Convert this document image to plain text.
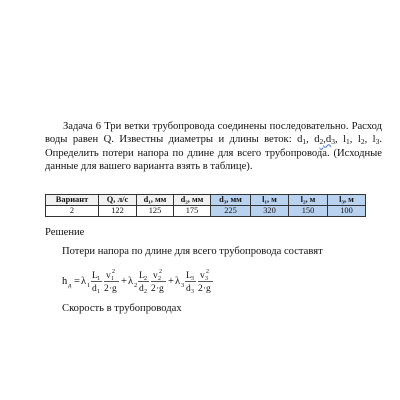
Задача 6 Три ветки трубопровода соединены последовательно. Расход воды равен Q. Известны диаметры и длины веток: $d_1$, $d_2,d_3$, $l_1$, $l_2$, $l_3$. Определить потери напора по длине для всего трубопровода. (Исходные данные для вашего варианта взять в таблице).

Вариант	Q, л/с	d₁, мм	d₂, мм	d₃, мм	l₁, м	l₂, м	l₃, м
2	122	125	175	225	320	150	100

Решение

Потери напора по длине для всего трубопровода составят

h д = λ 1
L 1
d 1
v 1
2
2 · g
+ λ 2
L 2
d 2
v 2
2
2 · g
+ λ 3
L 3
d 3
v 3
2
2 · g

Скорость в трубопроводах
